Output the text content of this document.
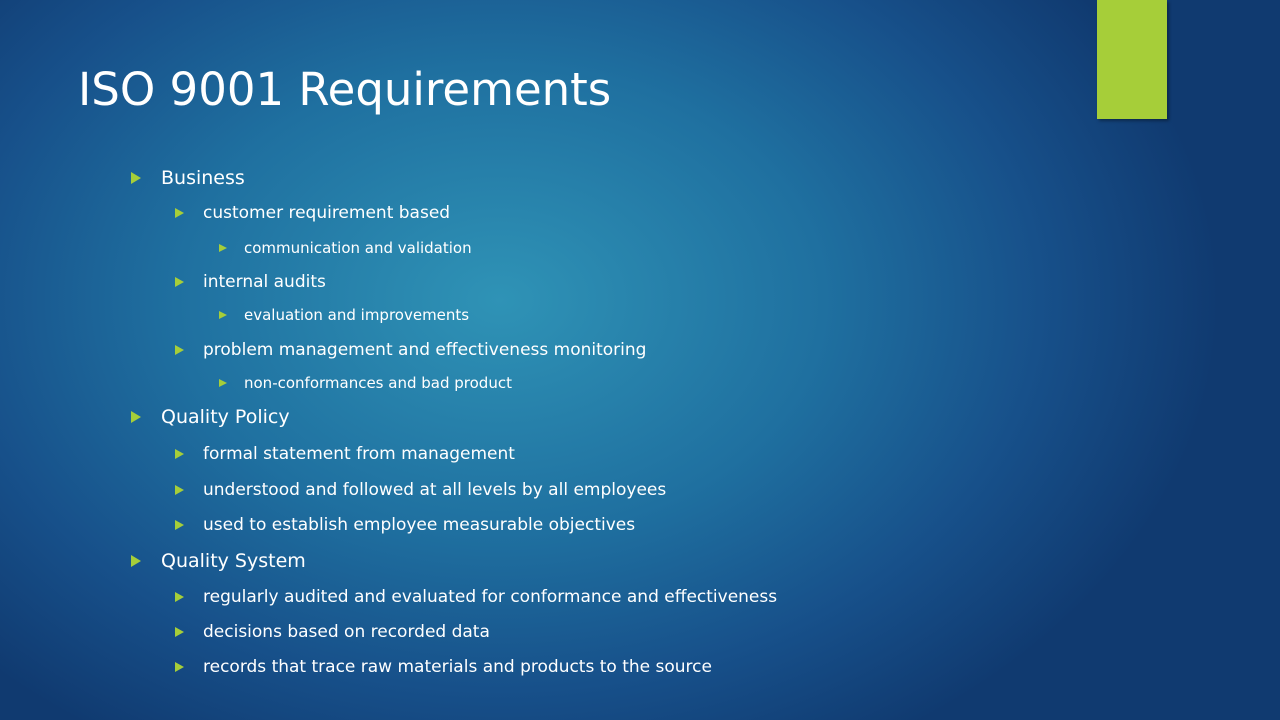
ISO 9001 Requirements
Business
customer requirement based
communication and validation
internal audits
evaluation and improvements
problem management and effectiveness monitoring
non-conformances and bad product
Quality Policy
formal statement from management
understood and followed at all levels by all employees
used to establish employee measurable objectives
Quality System
regularly audited and evaluated for conformance and effectiveness
decisions based on recorded data
records that trace raw materials and products to the source
